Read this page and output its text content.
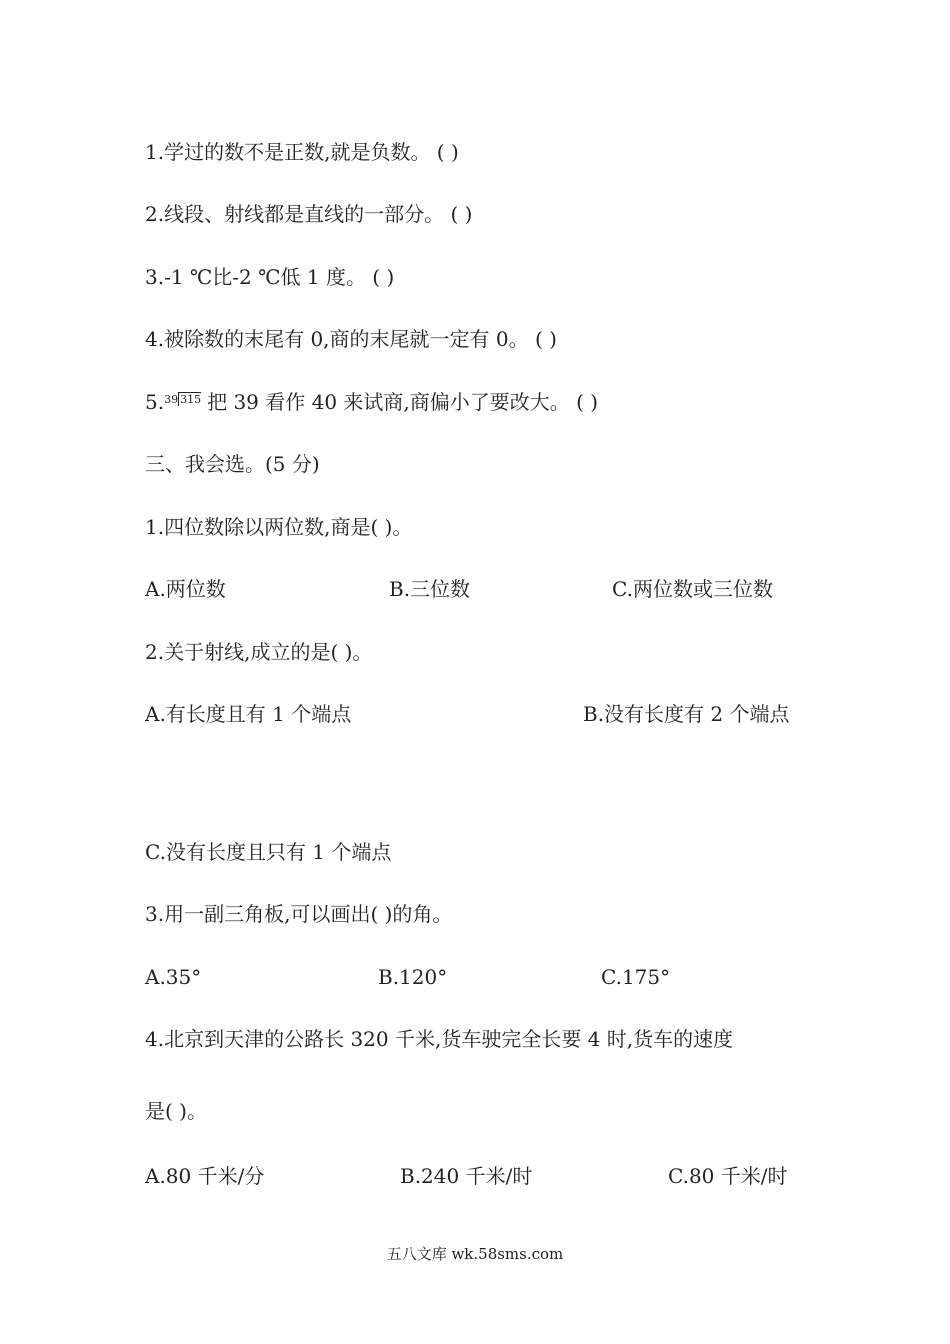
1.学过的数不是正数,就是负数。 ( )
2.线段、射线都是直线的一部分。 ( )
3.-1 ℃比-2 ℃低 1 度。 ( )
4.被除数的末尾有 0,商的末尾就一定有 0。 ( )
5.39 315 把 39 看作 40 来试商,商偏小了要改大。 ( )
三、我会选。(5 分)
1.四位数除以两位数,商是( )。
A.两位数	B.三位数	C.两位数或三位数
2.关于射线,成立的是( )。
A.有长度且有 1 个端点	B.没有长度有 2 个端点
C.没有长度且只有 1 个端点
3.用一副三角板,可以画出( )的角。
A.35°	B.120°	C.175°
4.北京到天津的公路长 320 千米,货车驶完全长要 4 时,货车的速度
是( )。
A.80 千米/分	B.240 千米/时	C.80 千米/时
五八文库 wk.58sms.com
